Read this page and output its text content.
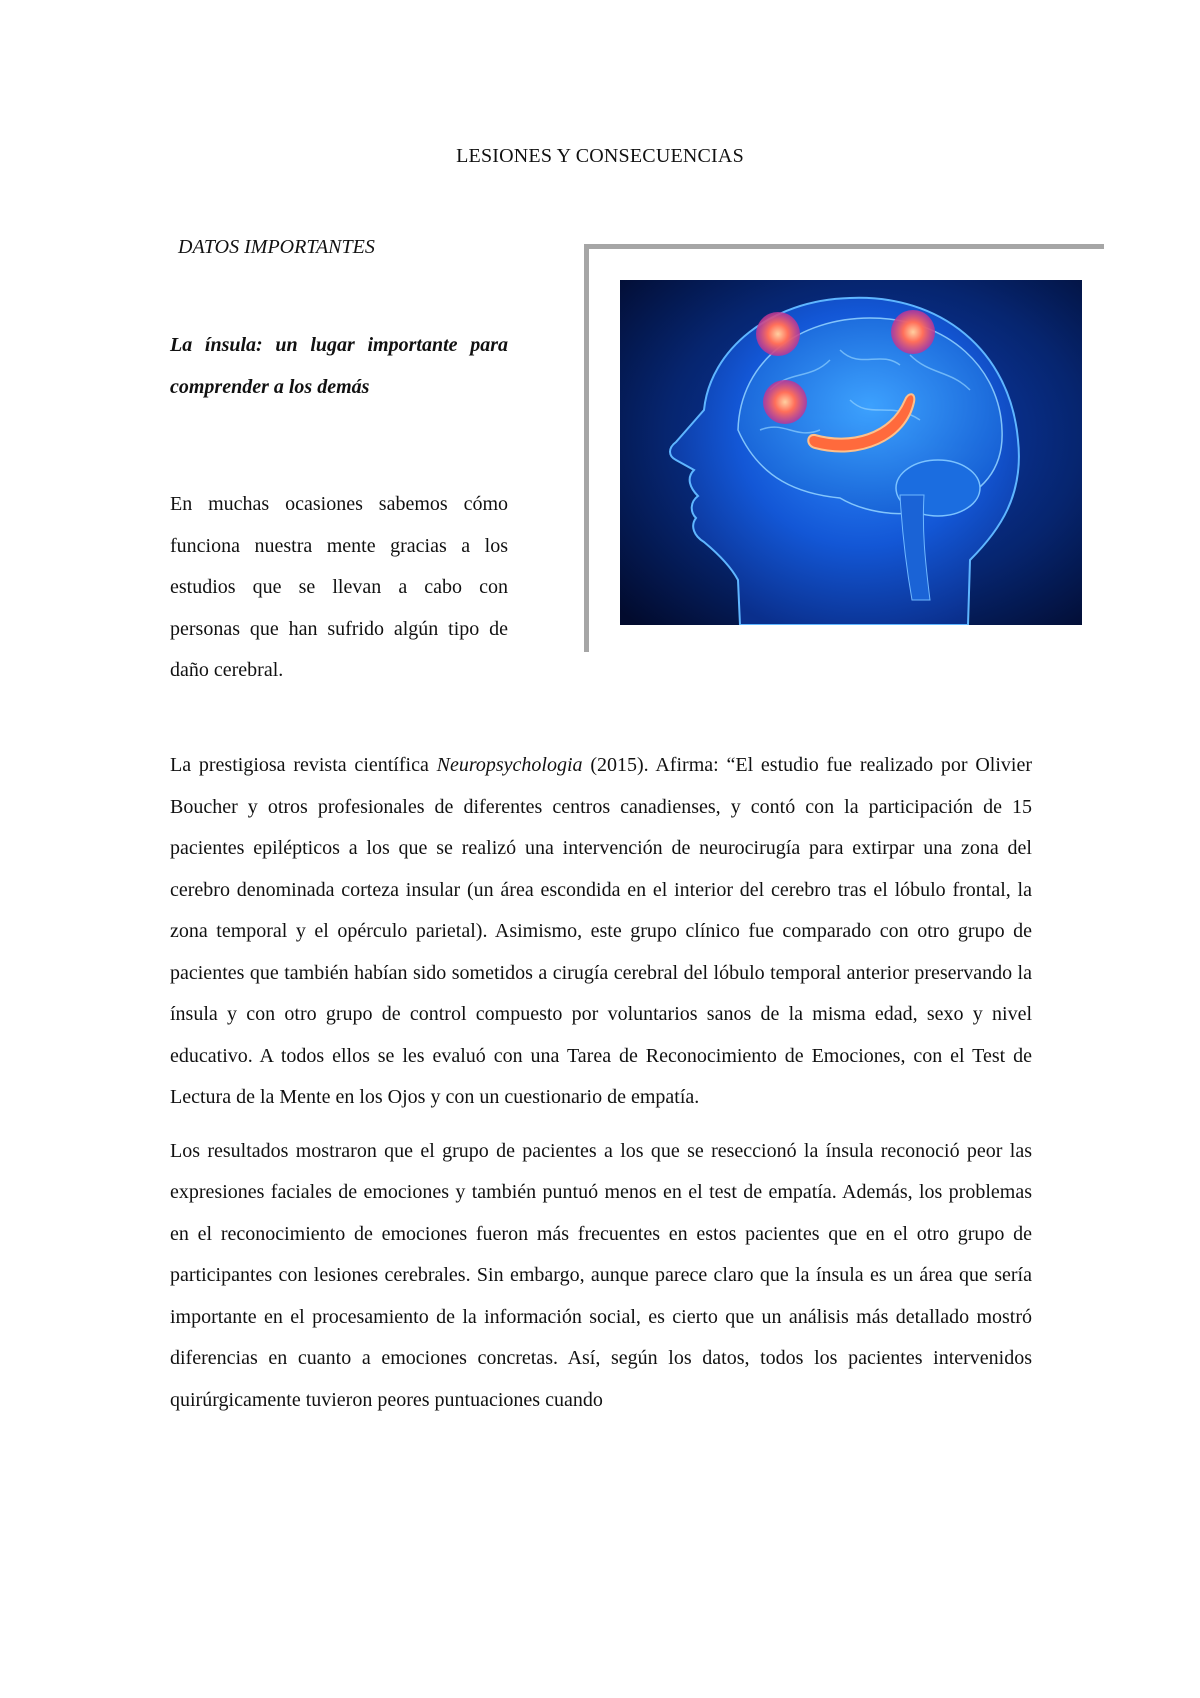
LESIONES Y CONSECUENCIAS
DATOS IMPORTANTES

La ínsula: un lugar importante para comprender a los demás

En muchas ocasiones sabemos cómo funciona nuestra mente gracias a los estudios que se llevan a cabo con personas que han sufrido algún tipo de daño cerebral.

La prestigiosa revista científica Neuropsychologia (2015). Afirma: “El estudio fue realizado por Olivier Boucher y otros profesionales de diferentes centros canadienses, y contó con la participación de 15 pacientes epilépticos a los que se realizó una intervención de neurocirugía para extirpar una zona del cerebro denominada corteza insular (un área escondida en el interior del cerebro tras el lóbulo frontal, la zona temporal y el opérculo parietal). Asimismo, este grupo clínico fue comparado con otro grupo de pacientes que también habían sido sometidos a cirugía cerebral del lóbulo temporal anterior preservando la ínsula y con otro grupo de control compuesto por voluntarios sanos de la misma edad, sexo y nivel educativo. A todos ellos se les evaluó con una Tarea de Reconocimiento de Emociones, con el Test de Lectura de la Mente en los Ojos y con un cuestionario de empatía.

Los resultados mostraron que el grupo de pacientes a los que se reseccionó la ínsula reconoció peor las expresiones faciales de emociones y también puntuó menos en el test de empatía. Además, los problemas en el reconocimiento de emociones fueron más frecuentes en estos pacientes que en el otro grupo de participantes con lesiones cerebrales. Sin embargo, aunque parece claro que la ínsula es un área que sería importante en el procesamiento de la información social, es cierto que un análisis más detallado mostró diferencias en cuanto a emociones concretas. Así, según los datos, todos los pacientes intervenidos quirúrgicamente tuvieron peores puntuaciones cuando
